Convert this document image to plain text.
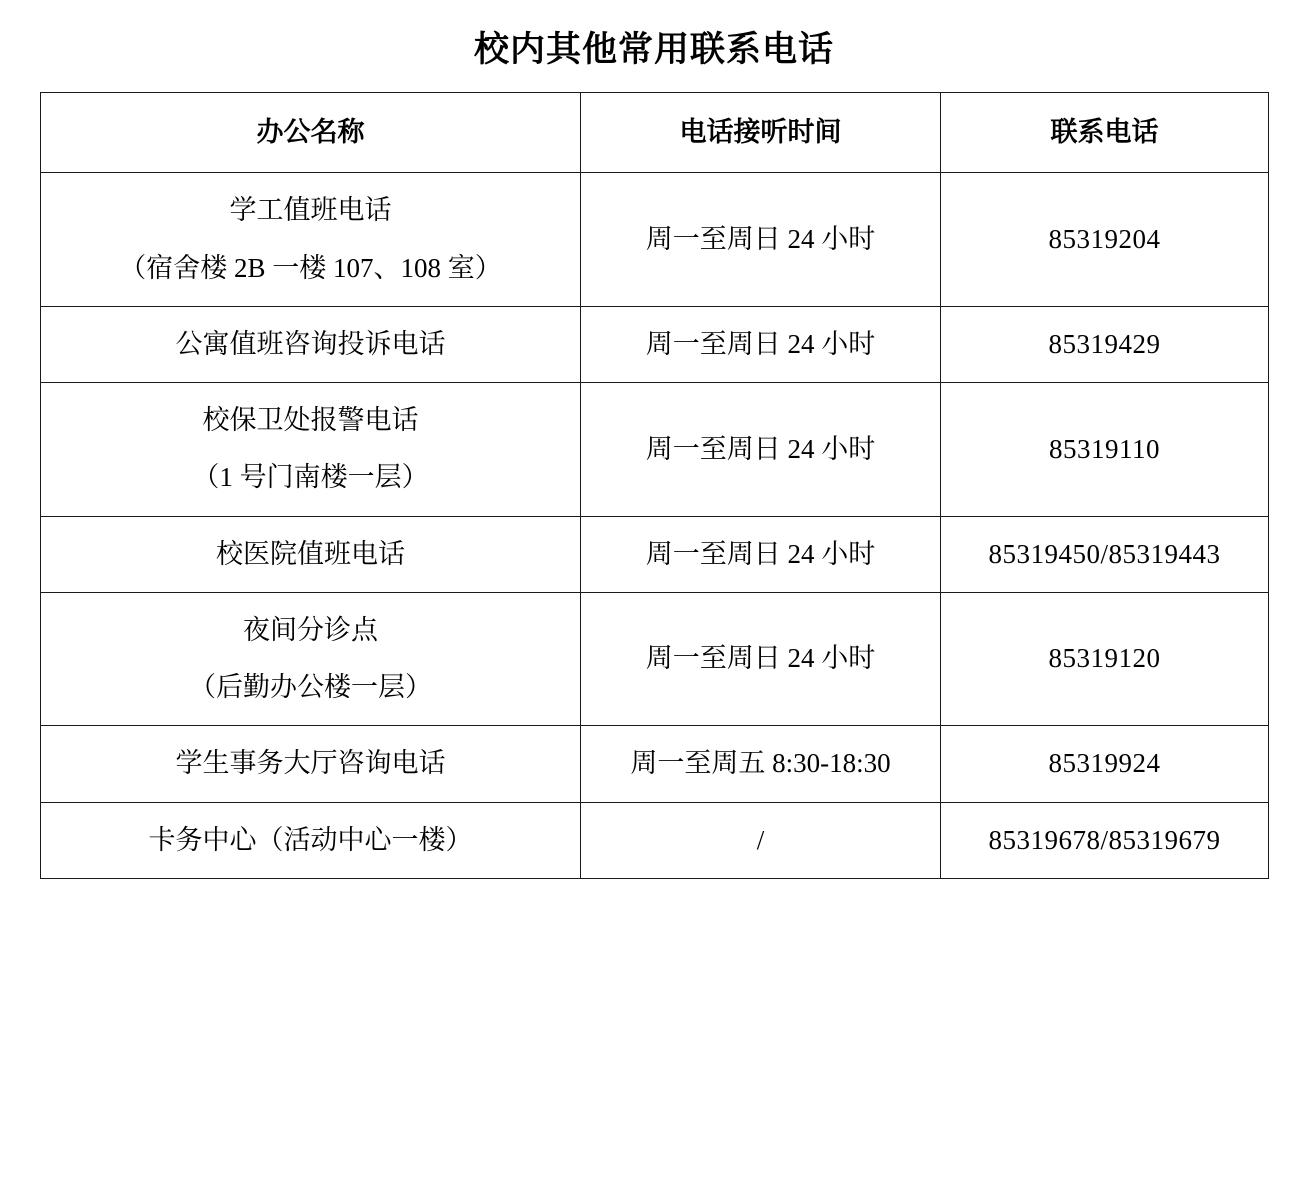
校内其他常用联系电话
办公名称	电话接听时间	联系电话

学工值班电话
（宿舍楼 2B 一楼 107、108 室）	周一至周日 24 小时	85319204

公寓值班咨询投诉电话	周一至周日 24 小时	85319429

校保卫处报警电话
（1 号门南楼一层）	周一至周日 24 小时	85319110

校医院值班电话	周一至周日 24 小时	85319450/85319443

夜间分诊点
（后勤办公楼一层）	周一至周日 24 小时	85319120

学生事务大厅咨询电话	周一至周五 8:30-18:30	85319924

卡务中心（活动中心一楼）	/	85319678/85319679
